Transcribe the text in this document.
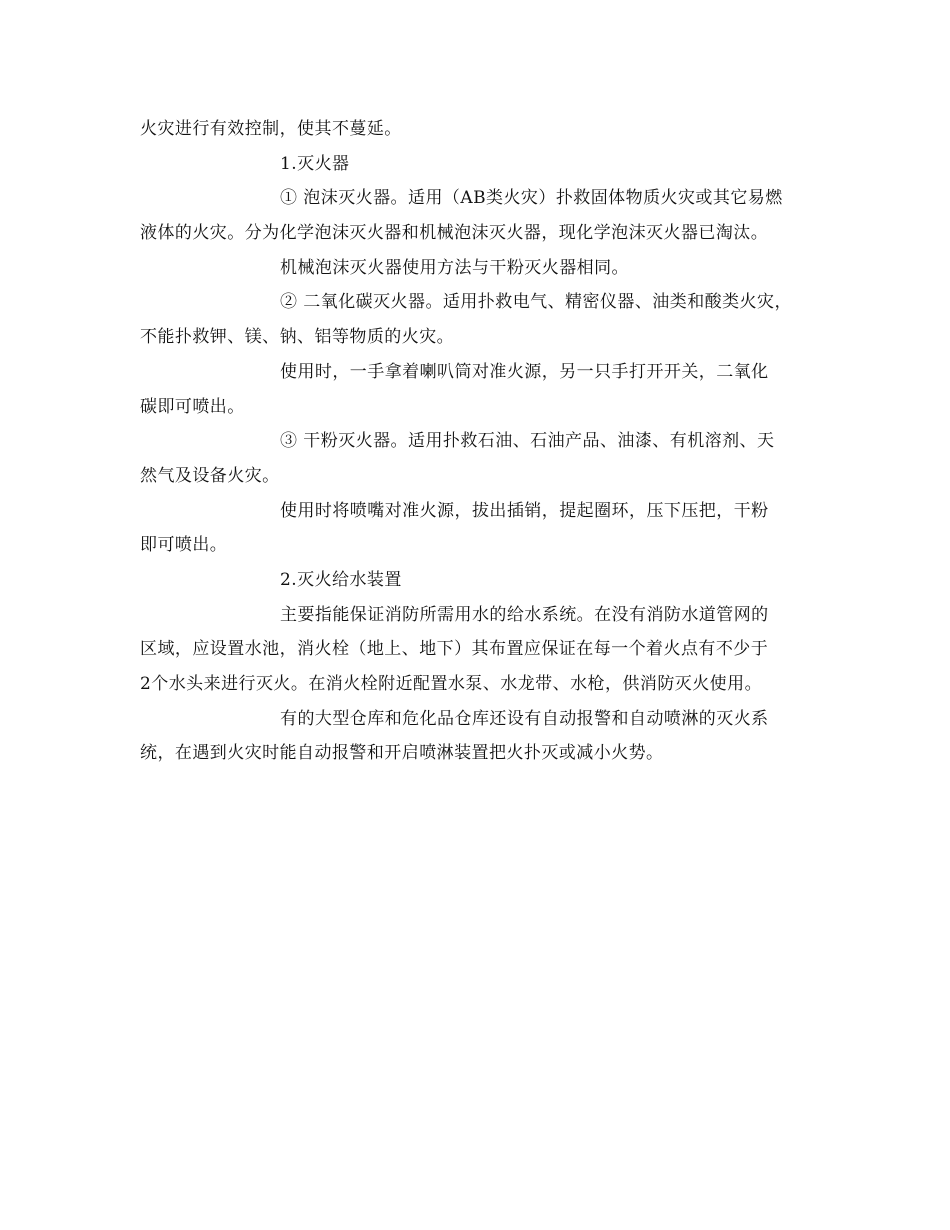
火灾进行有效控制，使其不蔓延。
1.灭火器
① 泡沫灭火器。适用（AB类火灾）扑救固体物质火灾或其它易燃
液体的火灾。分为化学泡沫灭火器和机械泡沫灭火器，现化学泡沫灭火器已淘汰。
机械泡沫灭火器使用方法与干粉灭火器相同。
② 二氧化碳灭火器。适用扑救电气、精密仪器、油类和酸类火灾，
不能扑救钾、镁、钠、铝等物质的火灾。
使用时，一手拿着喇叭筒对准火源，另一只手打开开关，二氧化
碳即可喷出。
③ 干粉灭火器。适用扑救石油、石油产品、油漆、有机溶剂、天
然气及设备火灾。
使用时将喷嘴对准火源，拔出插销，提起圈环，压下压把，干粉
即可喷出。
2.灭火给水装置
主要指能保证消防所需用水的给水系统。在没有消防水道管网的
区域，应设置水池，消火栓（地上、地下）其布置应保证在每一个着火点有不少于
2个水头来进行灭火。在消火栓附近配置水泵、水龙带、水枪，供消防灭火使用。
有的大型仓库和危化品仓库还设有自动报警和自动喷淋的灭火系
统，在遇到火灾时能自动报警和开启喷淋装置把火扑灭或减小火势。
